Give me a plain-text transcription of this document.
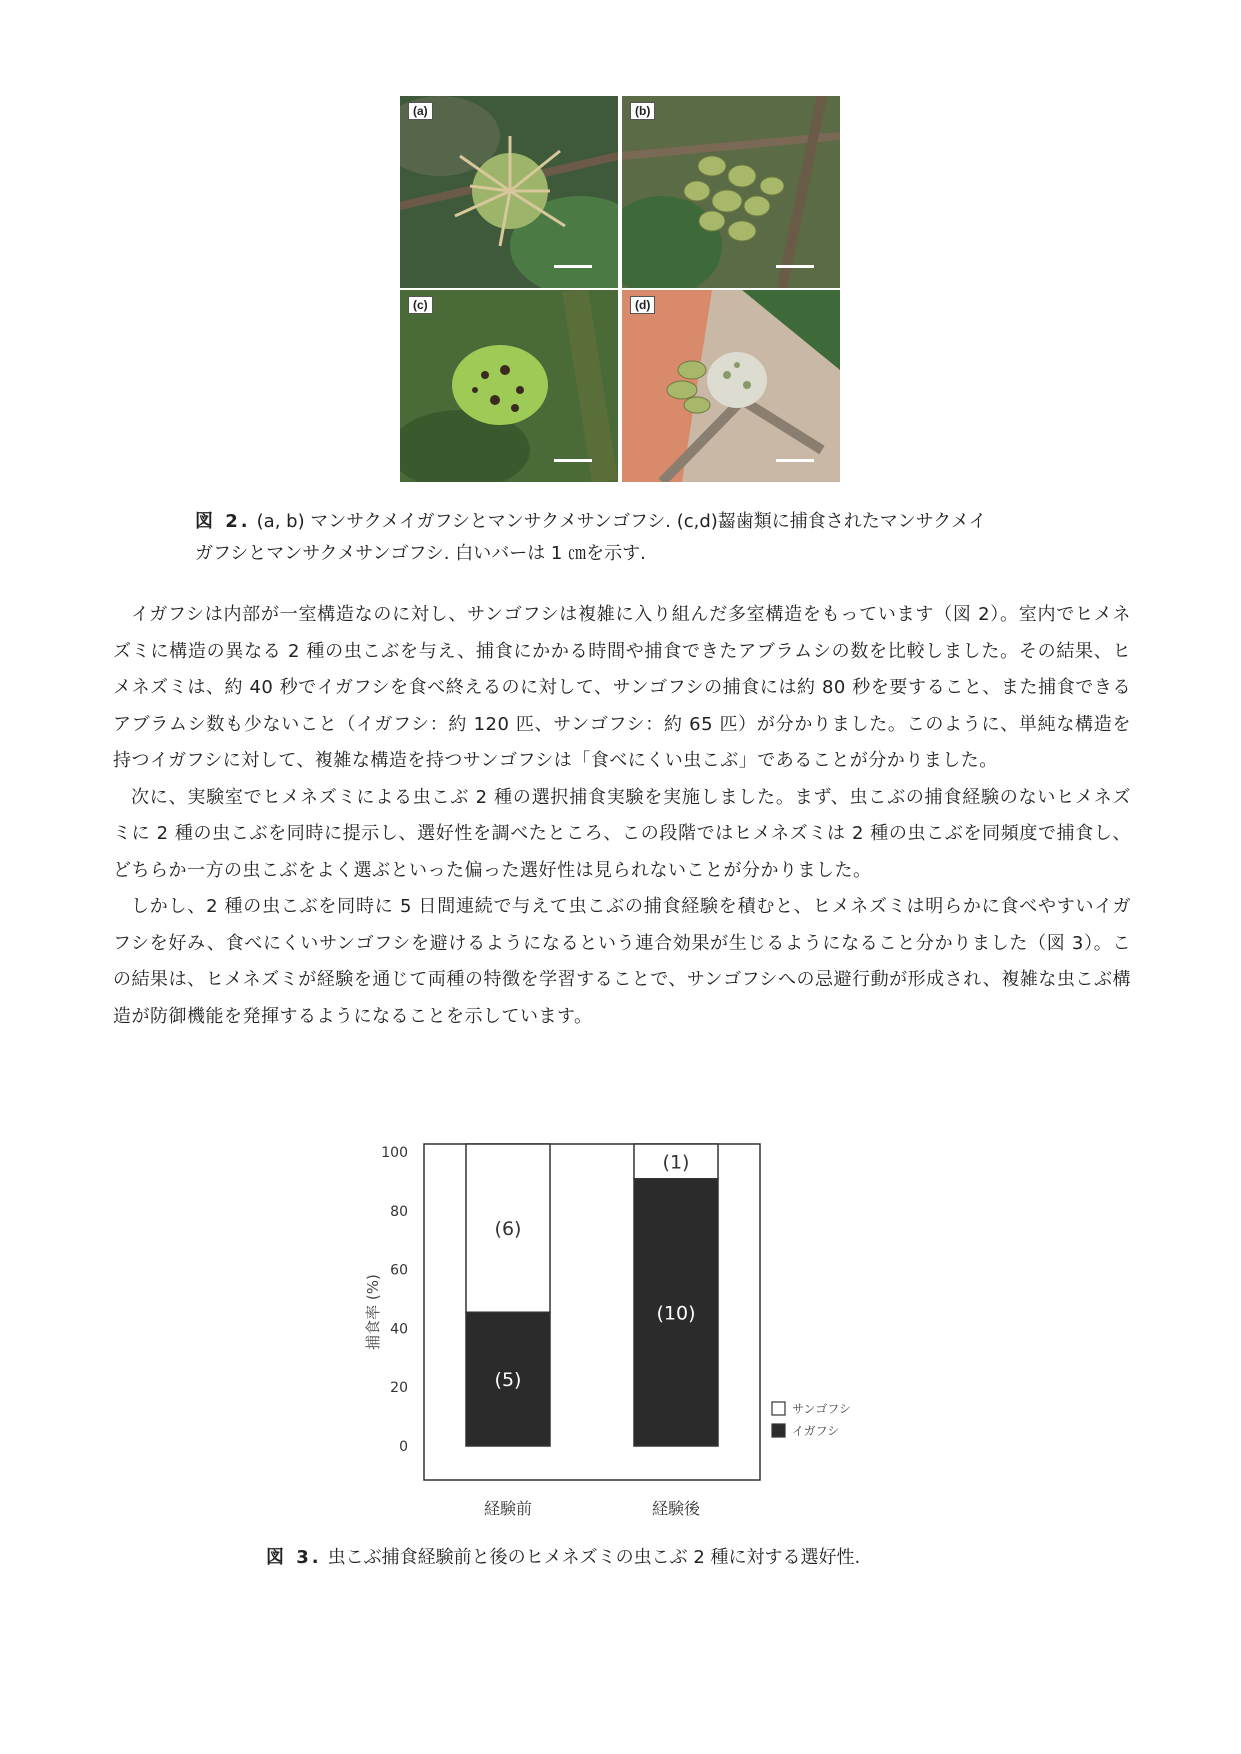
(a)	(b)
(c)	(d)
図 2. (a, b) マンサクメイガフシとマンサクメサンゴフシ. (c,d)齧歯類に捕食されたマンサクメイ
ガフシとマンサクメサンゴフシ. 白いバーは 1 ㎝を示す.

イガフシは内部が一室構造なのに対し、サンゴフシは複雑に入り組んだ多室構造をもっています（図 2）。室内でヒメネズミに構造の異なる 2 種の虫こぶを与え、捕食にかかる時間や捕食できたアブラムシの数を比較しました。その結果、ヒメネズミは、約 40 秒でイガフシを食べ終えるのに対して、サンゴフシの捕食には約 80 秒を要すること、また捕食できるアブラムシ数も少ないこと（イガフシ：約 120 匹、サンゴフシ：約 65 匹）が分かりました。このように、単純な構造を持つイガフシに対して、複雑な構造を持つサンゴフシは「食べにくい虫こぶ」であることが分かりました。

次に、実験室でヒメネズミによる虫こぶ 2 種の選択捕食実験を実施しました。まず、虫こぶの捕食経験のないヒメネズミに 2 種の虫こぶを同時に提示し、選好性を調べたところ、この段階ではヒメネズミは 2 種の虫こぶを同頻度で捕食し、どちらか一方の虫こぶをよく選ぶといった偏った選好性は見られないことが分かりました。

しかし、2 種の虫こぶを同時に 5 日間連続で与えて虫こぶの捕食経験を積むと、ヒメネズミは明らかに食べやすいイガフシを好み、食べにくいサンゴフシを避けるようになるという連合効果が生じるようになること分かりました（図 3）。この結果は、ヒメネズミが経験を通じて両種の特徴を学習することで、サンゴフシへの忌避行動が形成され、複雑な虫こぶ構造が防御機能を発揮するようになることを示しています。

捕食率 (%)
0
20
40
60
80
100
(5)
(6)
(10)
(1)
経験前	経験後
サンゴフシ
イガフシ
図 3. 虫こぶ捕食経験前と後のヒメネズミの虫こぶ 2 種に対する選好性.
